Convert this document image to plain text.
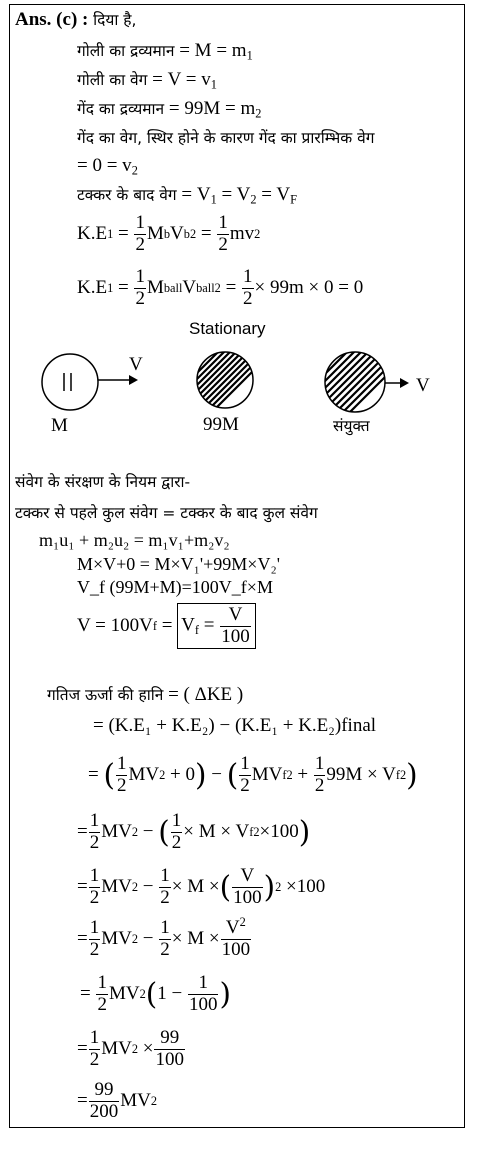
Ans. (c) : दिया है,
गोली का द्रव्यमान = $M = m_1$
गोली का वेग = $V = v_1$
गेंद का द्रव्यमान = $99M = m_2$
गेंद का वेग, स्थिर होने के कारण गेंद का प्रारम्भिक वेग
= $0 = v_2$
टक्कर के बाद वेग = $V_1 = V_2 = V_F$
K.E $1 = \frac{1}{2}$ M b V b $2 = \frac{1}{2}$ mv 2
K.E $1 = \frac{1}{2}$ M ball V ball $2 = \frac{1}{2} \times 99m \times 0 = 0$
Stationary
V
V
M	99M	संयुक्त
संवेग के संरक्षण के नियम द्वारा-
टक्कर से पहले कुल संवेग = टक्कर के बाद कुल संवेग
m₁u₁ + m₂u₂ = m₁v₁+m₂v₂
M×V+0 = M×V₁'+99M×V₂'
V_f (99M+M)=100V_f×M
V = 100V $f = V_f = \frac{V}{100}$
गतिज ऊर्जा की हानि = ( ΔKE )
= (K.E₁ + K.E₂) − (K.E₁ + K.E₂)final
= ( $\frac{1}{2}$ MV 2 + 0 ) − ( $\frac{1}{2}$ MV f $2 + \frac{1}{2} 99$ M × V f 2 )
= $\frac{1}{2}$ MV 2 − ( $\frac{1}{2} \times M \times V$ f 2 × 100 )
= $\frac{1}{2}$ MV $2 - \frac{1}{2} \times M$ × ( $\frac{V}{100}$ ) 2 × 100
= $\frac{1}{2}$ MV $2 - \frac{1}{2} \times M \times \frac{V^2}{100}$
= $\frac{1}{2}$ MV 2 ( $1 - \frac{1}{100}$ )
= $\frac{1}{2}$ MV $2 \times \frac{99}{100}$
= $\frac{99}{200}$ MV 2
